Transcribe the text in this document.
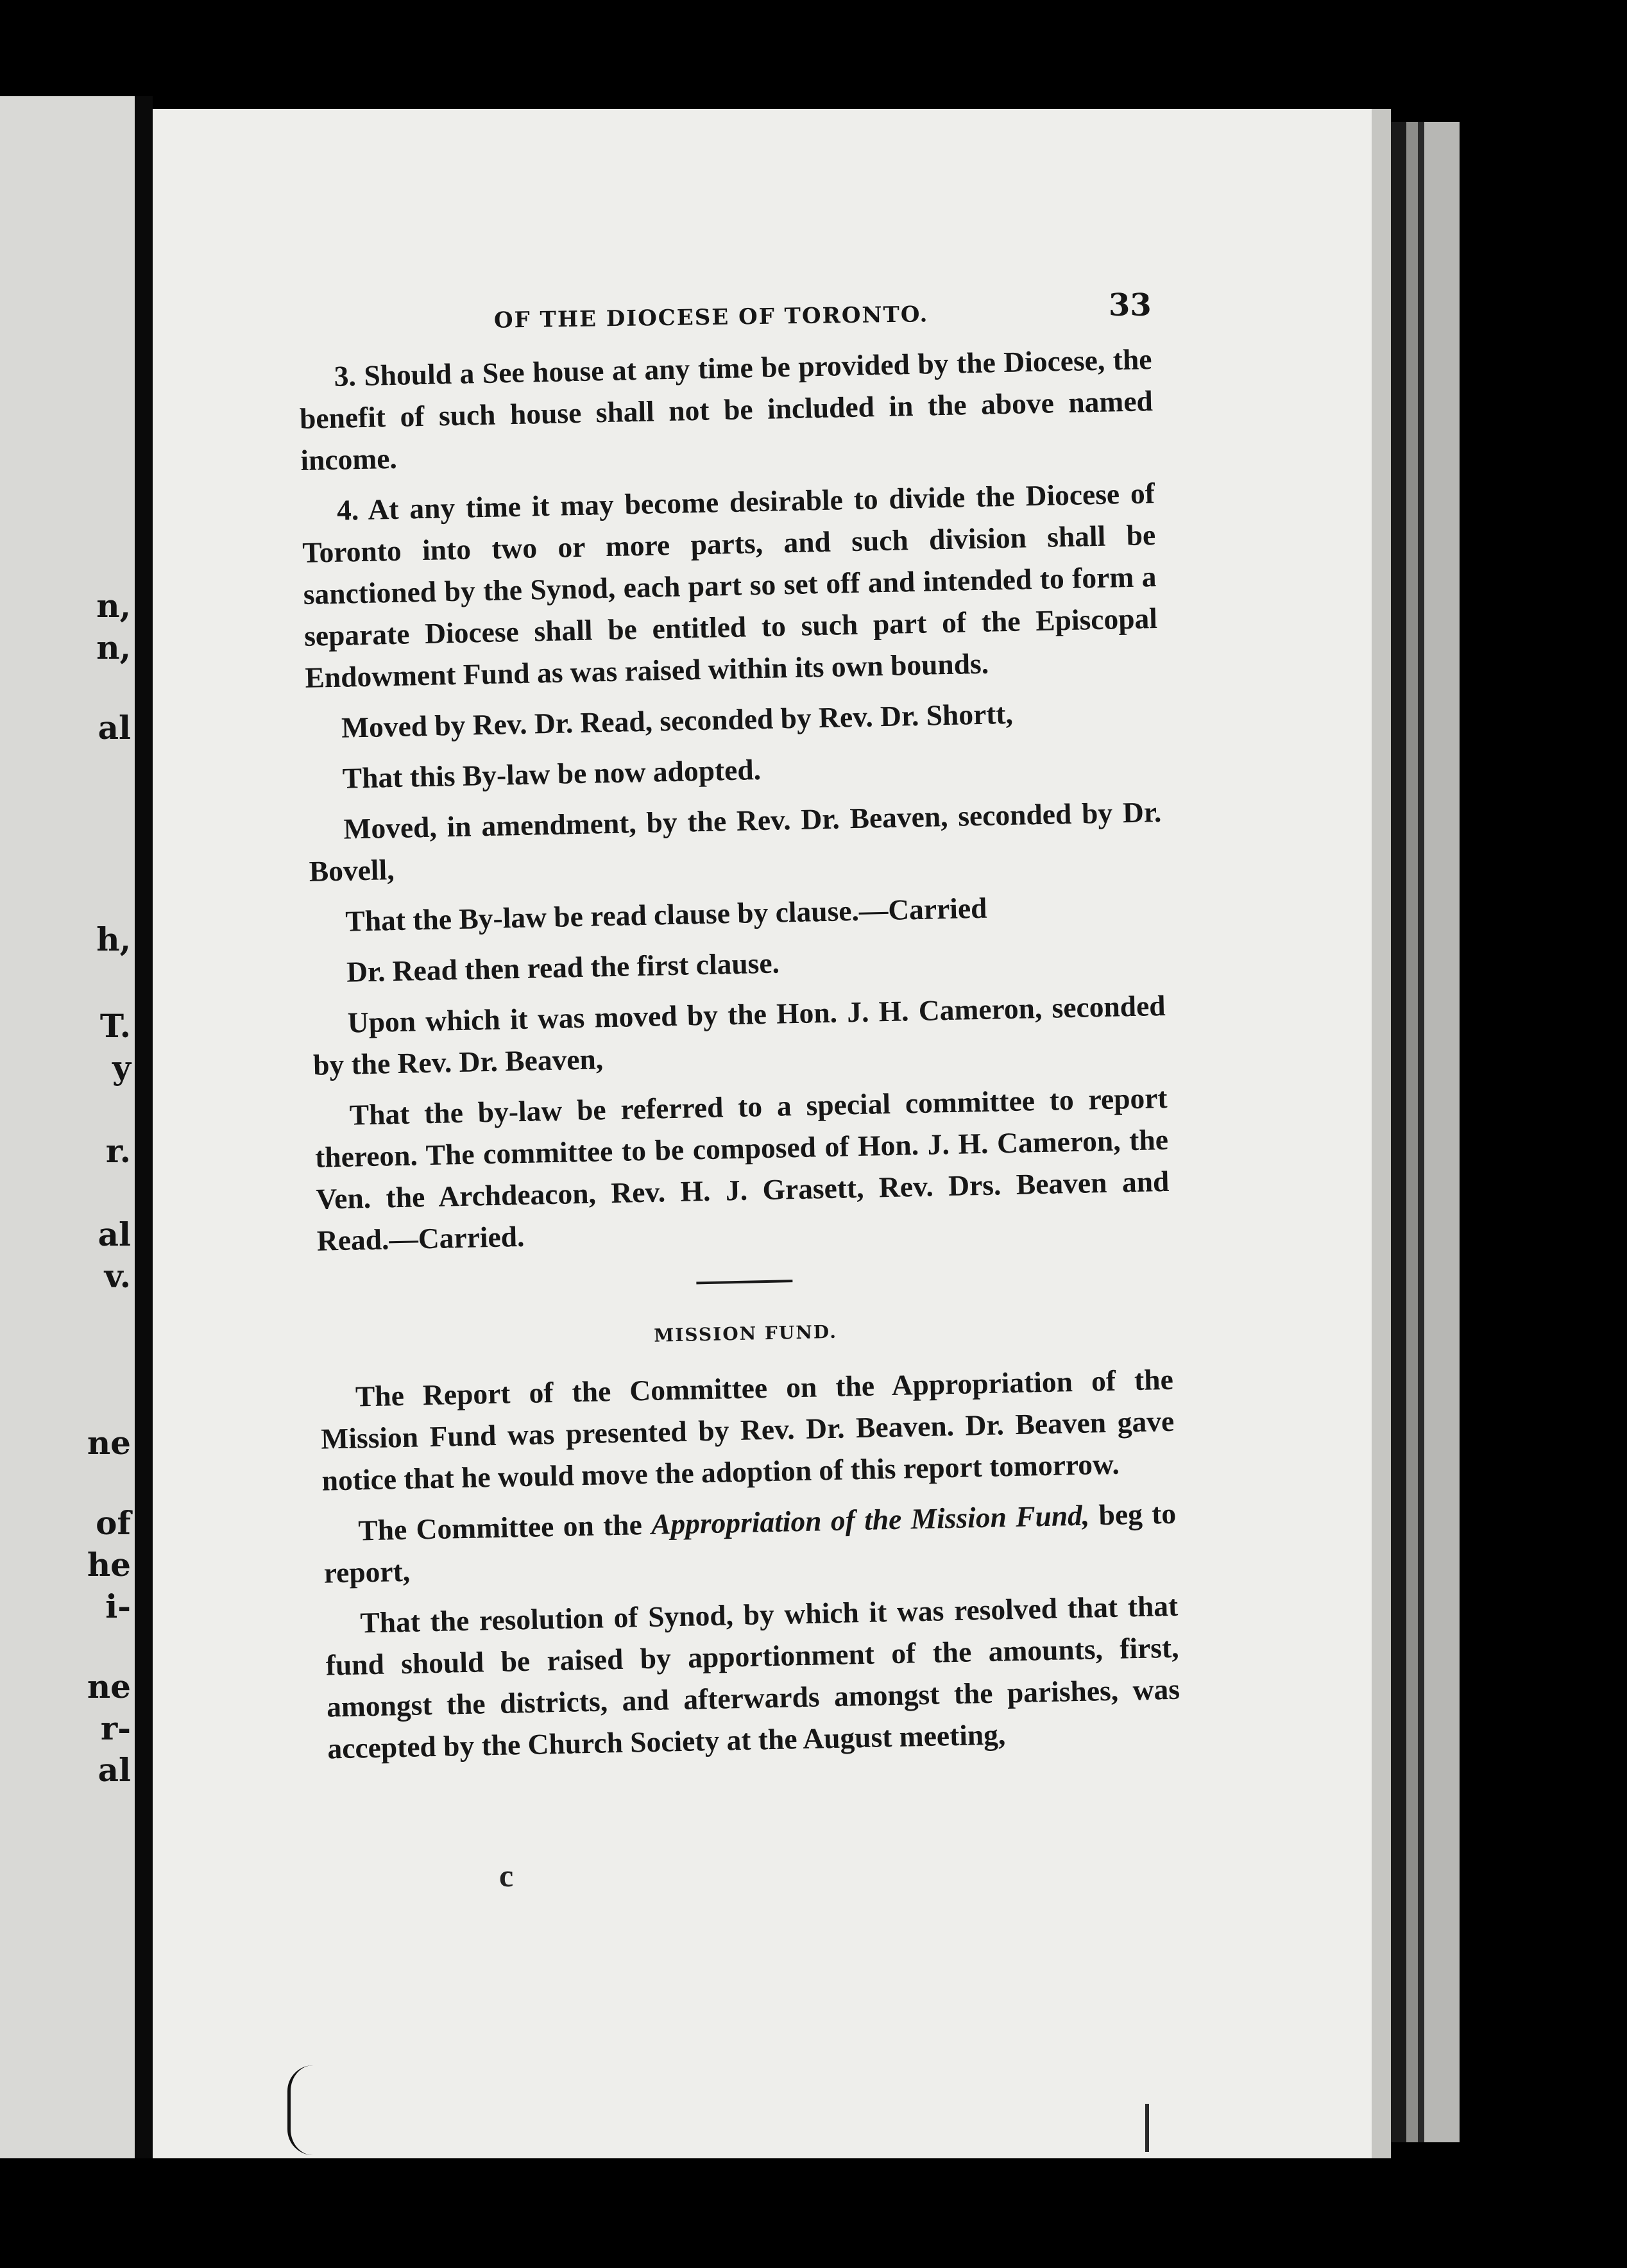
n,
n,
al
h,
T.
y
r.
al
v.
ne
of
he
i-
ne
r-
al
OF THE DIOCESE OF TORONTO.	33

3. Should a See house at any time be provided by the Diocese, the benefit of such house shall not be included in the above named income.

4. At any time it may become desirable to divide the Diocese of Toronto into two or more parts, and such division shall be sanctioned by the Synod, each part so set off and intended to form a separate Diocese shall be entitled to such part of the Episcopal Endowment Fund as was raised within its own bounds.

Moved by Rev. Dr. Read, seconded by Rev. Dr. Shortt,

That this By-law be now adopted.

Moved, in amendment, by the Rev. Dr. Beaven, seconded by Dr. Bovell,

That the By-law be read clause by clause.—Carried

Dr. Read then read the first clause.

Upon which it was moved by the Hon. J. H. Cameron, seconded by the Rev. Dr. Beaven,

That the by-law be referred to a special committee to report thereon. The committee to be composed of Hon. J. H. Cameron, the Ven. the Archdeacon, Rev. H. J. Grasett, Rev. Drs. Beaven and Read.—Carried.

MISSION FUND.

The Report of the Committee on the Appropriation of the Mission Fund was presented by Rev. Dr. Beaven. Dr. Beaven gave notice that he would move the adoption of this report tomorrow.

The Committee on the Appropriation of the Mission Fund, beg to report,

That the resolution of Synod, by which it was resolved that that fund should be raised by apportionment of the amounts, first, amongst the districts, and afterwards amongst the parishes, was accepted by the Church Society at the August meeting,

c
